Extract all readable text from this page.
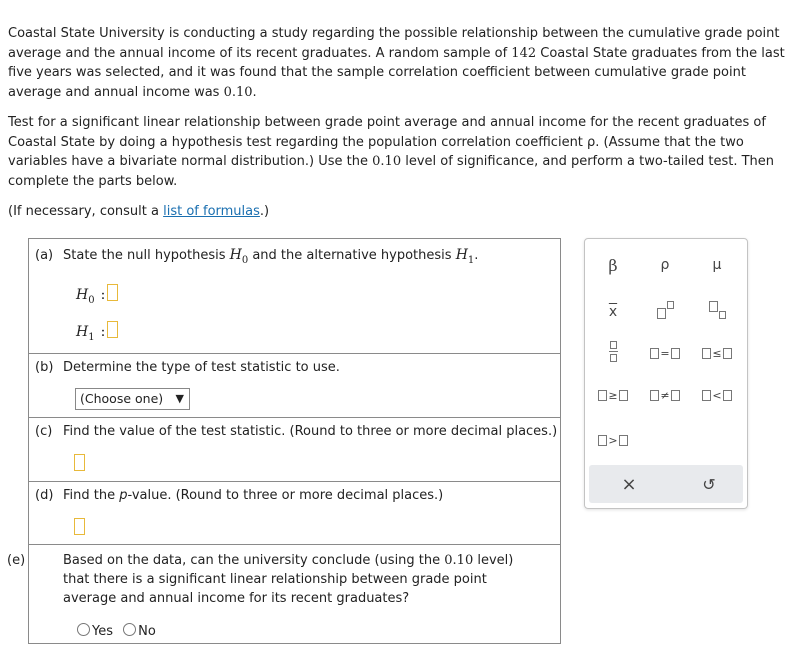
Coastal State University is conducting a study regarding the possible relationship between the cumulative grade point average and the annual income of its recent graduates. A random sample of 142 Coastal State graduates from the last five years was selected, and it was found that the sample correlation coefficient between cumulative grade point average and annual income was 0.10.

Test for a significant linear relationship between grade point average and annual income for the recent graduates of Coastal State by doing a hypothesis test regarding the population correlation coefficient ρ. (Assume that the two variables have a bivariate normal distribution.) Use the 0.10 level of significance, and perform a two-tailed test. Then complete the parts below.

(If necessary, consult a list of formulas.)

(a) State the null hypothesis $H_0$ and the alternative hypothesis $H_1$.
$H_0$ :
$H_1$ :
(b) Determine the type of test statistic to use.
(Choose one) ▼
(c) Find the value of the test statistic. (Round to three or more decimal places.)
(d) Find the p-value. (Round to three or more decimal places.)
(e)	Based on the data, can the university conclude (using the 0.10 level) that there is a significant linear relationship between grade point average and annual income for its recent graduates?
Yes No
β	ρ	μ
$\overline{x}$
=	≤
≥	≠	<
>
×	↺
